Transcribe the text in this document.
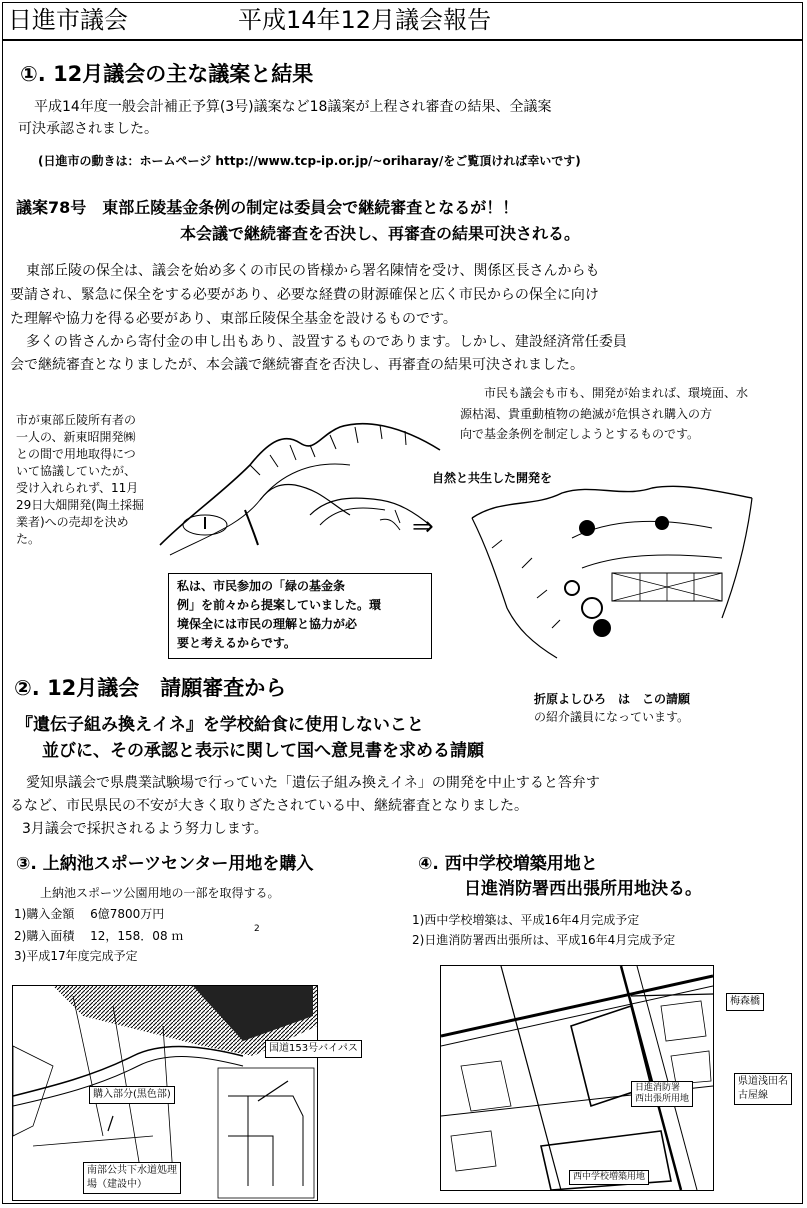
日進市議会	平成14年12月議会報告
①. 12月議会の主な議案と結果
平成14年度一般会計補正予算(3号)議案など18議案が上程され審査の結果、全議案
可決承認されました。
(日進市の動きは：ホームページ http://www.tcp-ip.or.jp/~oriharay/をご覧頂ければ幸いです)
議案78号　東部丘陵基金条例の制定は委員会で継続審査となるが！！
本会議で継続審査を否決し、再審査の結果可決される。
東部丘陵の保全は、議会を始め多くの市民の皆様から署名陳情を受け、関係区長さんからも
要請され、緊急に保全をする必要があり、必要な経費の財源確保と広く市民からの保全に向け
た理解や協力を得る必要があり、東部丘陵保全基金を設けるものです。
多くの皆さんから寄付金の申し出もあり、設置するものであります。しかし、建設経済常任委員
会で継続審査となりましたが、本会議で継続審査を否決し、再審査の結果可決されました。
市が東部丘陵所有者の一人の、新東昭開発㈱との間で用地取得について協議していたが、受け入れられず、11月29日大畑開発(陶土採掘業者)への売却を決めた。
市民も議会も市も、開発が始まれば、環境面、水
源枯渇、貴重動植物の絶滅が危惧され購入の方
向で基金条例を制定しようとするものです。
自然と共生した開発を
⇒
私は、市民参加の「緑の基金条
例」を前々から提案していました。環
境保全には市民の理解と協力が必
要と考えるからです。
②. 12月議会　請願審査から	折原よしひろ　は　この請願
の紹介議員になっています。
『遺伝子組み換えイネ』を学校給食に使用しないこと
並びに、その承認と表示に関して国へ意見書を求める請願
愛知県議会で県農業試験場で行っていた「遺伝子組み換えイネ」の開発を中止すると答弁す
るなど、市民県民の不安が大きく取りざたされている中、継続審査となりました。
3月議会で採択されるよう努力します。
③. 上納池スポーツセンター用地を購入
上納池スポーツ公園用地の一部を取得する。
1)購入金額　 6億7800万円
2)購入面積　 12，158．08 ｍ	2
3)平成17年度完成予定
国道153号バイパス
購入部分(黒色部)
南部公共下水道処理
場（建設中）
④. 西中学校増築用地と
日進消防署西出張所用地決る。
1)西中学校増築は、平成16年4月完成予定
2)日進消防署西出張所は、平成16年4月完成予定
日進消防署
西出張所用地
西中学校増築用地
梅森橋
県道浅田名
古屋線
